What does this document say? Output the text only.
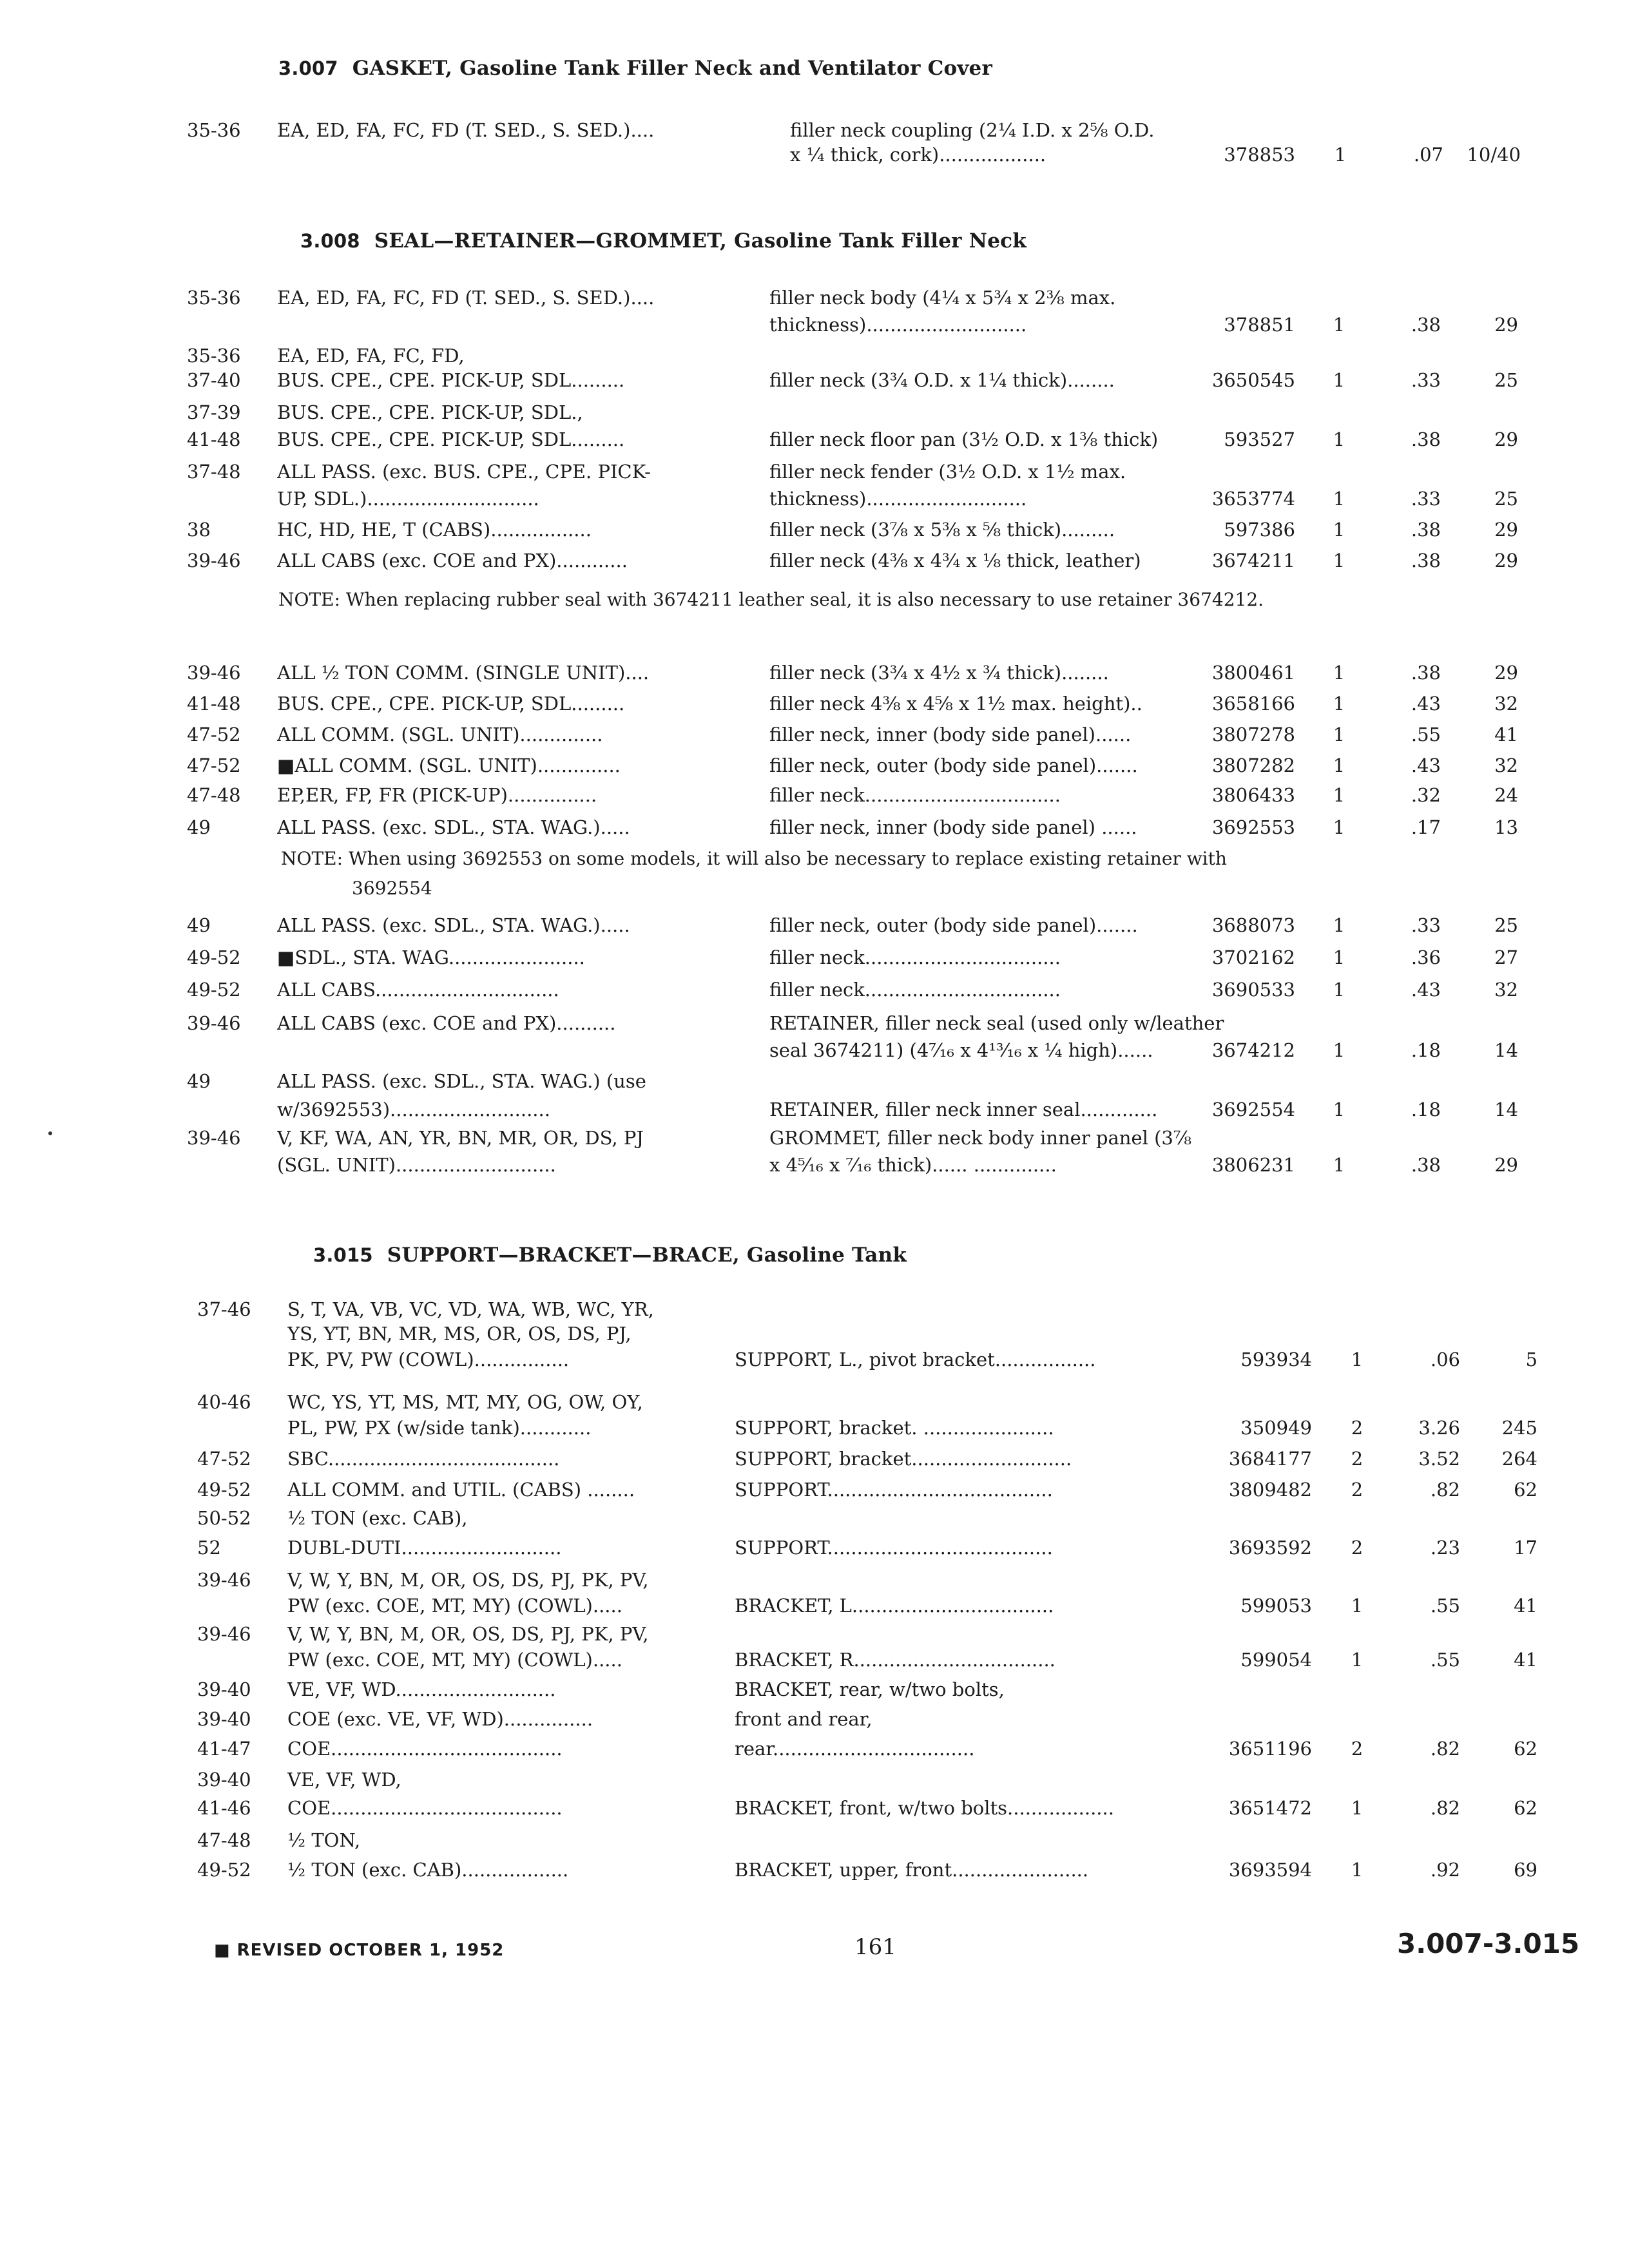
3.007 GASKET, Gasoline Tank Filler Neck and Ventilator Cover
35-36	EA, ED, FA, FC, FD (T. SED., S. SED.)....	filler neck coupling (2¼ I.D. x 2⅝ O.D.
x ¼ thick, cork)..................	378853	1	.07	10/40
3.008 SEAL—RETAINER—GROMMET, Gasoline Tank Filler Neck
35-36	EA, ED, FA, FC, FD (T. SED., S. SED.)....	filler neck body (4¼ x 5¾ x 2⅜ max.
thickness)...........................	378851	1	.38	29
35-36	EA, ED, FA, FC, FD,
37-40	BUS. CPE., CPE. PICK-UP, SDL.........	filler neck (3¾ O.D. x 1¼ thick)........	3650545	1	.33	25
37-39	BUS. CPE., CPE. PICK-UP, SDL.,
41-48	BUS. CPE., CPE. PICK-UP, SDL.........	filler neck floor pan (3½ O.D. x 1⅜ thick)	593527	1	.38	29
37-48	ALL PASS. (exc. BUS. CPE., CPE. PICK-	filler neck fender (3½ O.D. x 1½ max.
UP, SDL.).............................	thickness)...........................	3653774	1	.33	25
38	HC, HD, HE, T (CABS).................	filler neck (3⅞ x 5⅜ x ⅝ thick).........	597386	1	.38	29
39-46	ALL CABS (exc. COE and PX)............	filler neck (4⅜ x 4¾ x ⅛ thick, leather)	3674211	1	.38	29
NOTE: When replacing rubber seal with 3674211 leather seal, it is also necessary to use retainer 3674212.
39-46	ALL ½ TON COMM. (SINGLE UNIT)....	filler neck (3¾ x 4½ x ¾ thick)........	3800461	1	.38	29
41-48	BUS. CPE., CPE. PICK-UP, SDL.........	filler neck 4⅜ x 4⅝ x 1½ max. height)..	3658166	1	.43	32
47-52	ALL COMM. (SGL. UNIT)..............	filler neck, inner (body side panel)......	3807278	1	.55	41
47-52	■ALL COMM. (SGL. UNIT)..............	filler neck, outer (body side panel).......	3807282	1	.43	32
47-48	EP,ER, FP, FR (PICK-UP)...............	filler neck.................................	3806433	1	.32	24
49	ALL PASS. (exc. SDL., STA. WAG.).....	filler neck, inner (body side panel) ......	3692553	1	.17	13
NOTE: When using 3692553 on some models, it will also be necessary to replace existing retainer with 3692554
49	ALL PASS. (exc. SDL., STA. WAG.).....	filler neck, outer (body side panel).......	3688073	1	.33	25
49-52	■SDL., STA. WAG.......................	filler neck.................................	3702162	1	.36	27
49-52	ALL CABS...............................	filler neck.................................	3690533	1	.43	32
39-46	ALL CABS (exc. COE and PX)..........	RETAINER, filler neck seal (used only w/leather
seal 3674211) (4⁷⁄₁₆ x 4¹³⁄₁₆ x ¼ high)......	3674212	1	.18	14
49	ALL PASS. (exc. SDL., STA. WAG.) (use
w/3692553)...........................	RETAINER, filler neck inner seal.............	3692554	1	.18	14
39-46	V, KF, WA, AN, YR, BN, MR, OR, DS, PJ	GROMMET, filler neck body inner panel (3⅞
(SGL. UNIT)...........................	x 4⁵⁄₁₆ x ⁷⁄₁₆ thick)...... ..............	3806231	1	.38	29
3.015 SUPPORT—BRACKET—BRACE, Gasoline Tank
37-46	S, T, VA, VB, VC, VD, WA, WB, WC, YR,
YS, YT, BN, MR, MS, OR, OS, DS, PJ,
PK, PV, PW (COWL)................	SUPPORT, L., pivot bracket.................	593934	1	.06	5
40-46	WC, YS, YT, MS, MT, MY, OG, OW, OY,
PL, PW, PX (w/side tank)............	SUPPORT, bracket. ......................	350949	2	3.26	245
47-52	SBC.......................................	SUPPORT, bracket...........................	3684177	2	3.52	264
49-52	ALL COMM. and UTIL. (CABS) ........	SUPPORT......................................	3809482	2	.82	62
50-52	½ TON (exc. CAB),
52	DUBL-DUTI...........................	SUPPORT......................................	3693592	2	.23	17
39-46	V, W, Y, BN, M, OR, OS, DS, PJ, PK, PV,
PW (exc. COE, MT, MY) (COWL).....	BRACKET, L..................................	599053	1	.55	41
39-46	V, W, Y, BN, M, OR, OS, DS, PJ, PK, PV,
PW (exc. COE, MT, MY) (COWL).....	BRACKET, R..................................	599054	1	.55	41
39-40	VE, VF, WD...........................	BRACKET, rear, w/two bolts,
39-40	COE (exc. VE, VF, WD)...............	front and rear,
41-47	COE.......................................	rear..................................	3651196	2	.82	62
39-40	VE, VF, WD,
41-46	COE.......................................	BRACKET, front, w/two bolts..................	3651472	1	.82	62
47-48	½ TON,
49-52	½ TON (exc. CAB)..................	BRACKET, upper, front.......................	3693594	1	.92	69
■ REVISED OCTOBER 1, 1952	161	3.007-3.015
